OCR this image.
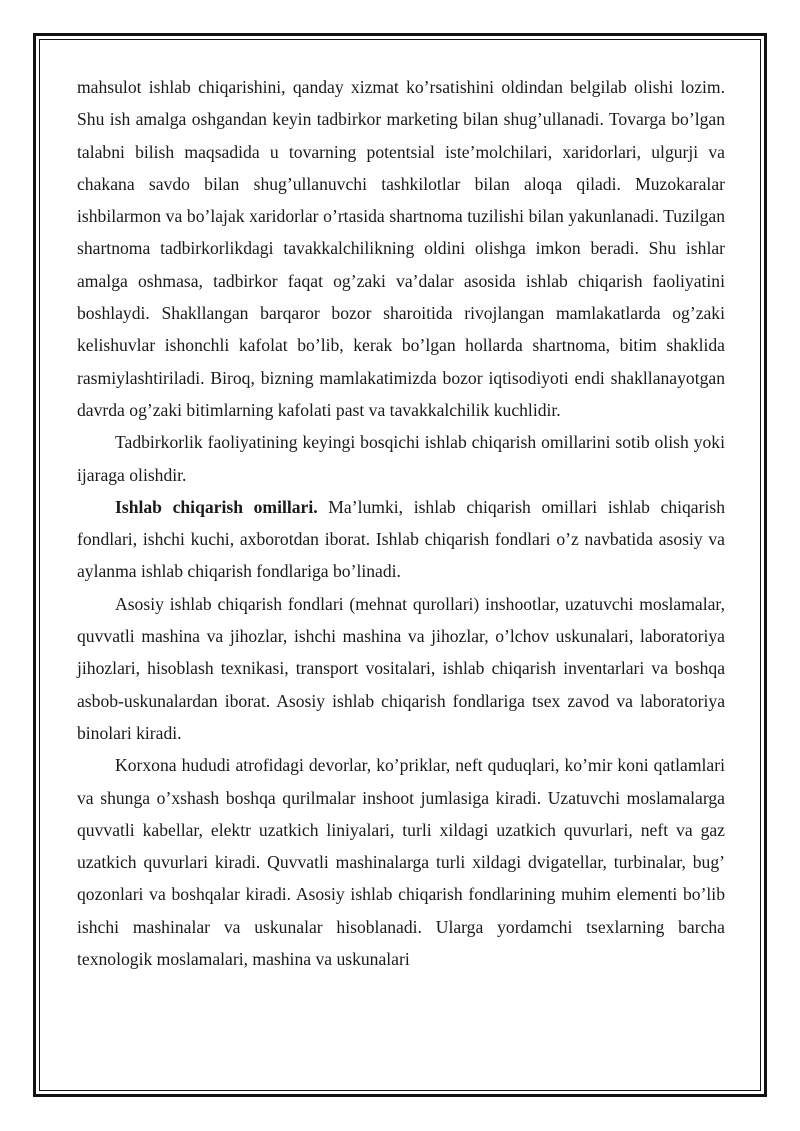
mahsulot ishlab chiqarishini, qanday xizmat ko’rsatishini oldindan belgilab olishi lozim. Shu ish amalga oshgandan keyin tadbirkor marketing bilan shug’ullanadi. Tovarga bo’lgan talabni bilish maqsadida u tovarning potentsial iste’molchilari, xaridorlari, ulgurji va chakana savdo bilan shug’ullanuvchi tashkilotlar bilan aloqa qiladi. Muzokaralar ishbilarmon va bo’lajak xaridorlar o’rtasida shartnoma tuzilishi bilan yakunlanadi. Tuzilgan shartnoma tadbirkorlikdagi tavakkalchilikning oldini olishga imkon beradi. Shu ishlar amalga oshmasa, tadbirkor faqat og’zaki va’dalar asosida ishlab chiqarish faoliyatini boshlaydi. Shakllangan barqaror bozor sharoitida rivojlangan mamlakatlarda og’zaki kelishuvlar ishonchli kafolat bo’lib, kerak bo’lgan hollarda shartnoma, bitim shaklida rasmiylashtiriladi. Biroq, bizning mamlakatimizda bozor iqtisodiyoti endi shakllanayotgan davrda og’zaki bitimlarning kafolati past va tavakkalchilik kuchlidir.

Tadbirkorlik faoliyatining keyingi bosqichi ishlab chiqarish omillarini sotib olish yoki ijaraga olishdir.

Ishlab chiqarish omillari. Ma’lumki, ishlab chiqarish omillari ishlab chiqarish fondlari, ishchi kuchi, axborotdan iborat. Ishlab chiqarish fondlari o’z navbatida asosiy va aylanma ishlab chiqarish fondlariga bo’linadi.

Asosiy ishlab chiqarish fondlari (mehnat qurollari) inshootlar, uzatuvchi moslamalar, quvvatli mashina va jihozlar, ishchi mashina va jihozlar, o’lchov uskunalari, laboratoriya jihozlari, hisoblash texnikasi, transport vositalari, ishlab chiqarish inventarlari va boshqa asbob-uskunalardan iborat. Asosiy ishlab chiqarish fondlariga tsex zavod va laboratoriya binolari kiradi.

Korxona hududi atrofidagi devorlar, ko’priklar, neft quduqlari, ko’mir koni qatlamlari va shunga o’xshash boshqa qurilmalar inshoot jumlasiga kiradi. Uzatuvchi moslamalarga quvvatli kabellar, elektr uzatkich liniyalari, turli xildagi uzatkich quvurlari, neft va gaz uzatkich quvurlari kiradi. Quvvatli mashinalarga turli xildagi dvigatellar, turbinalar, bug’ qozonlari va boshqalar kiradi. Asosiy ishlab chiqarish fondlarining muhim elementi bo’lib ishchi mashinalar va uskunalar hisoblanadi. Ularga yordamchi tsexlarning barcha texnologik moslamalari, mashina va uskunalari
